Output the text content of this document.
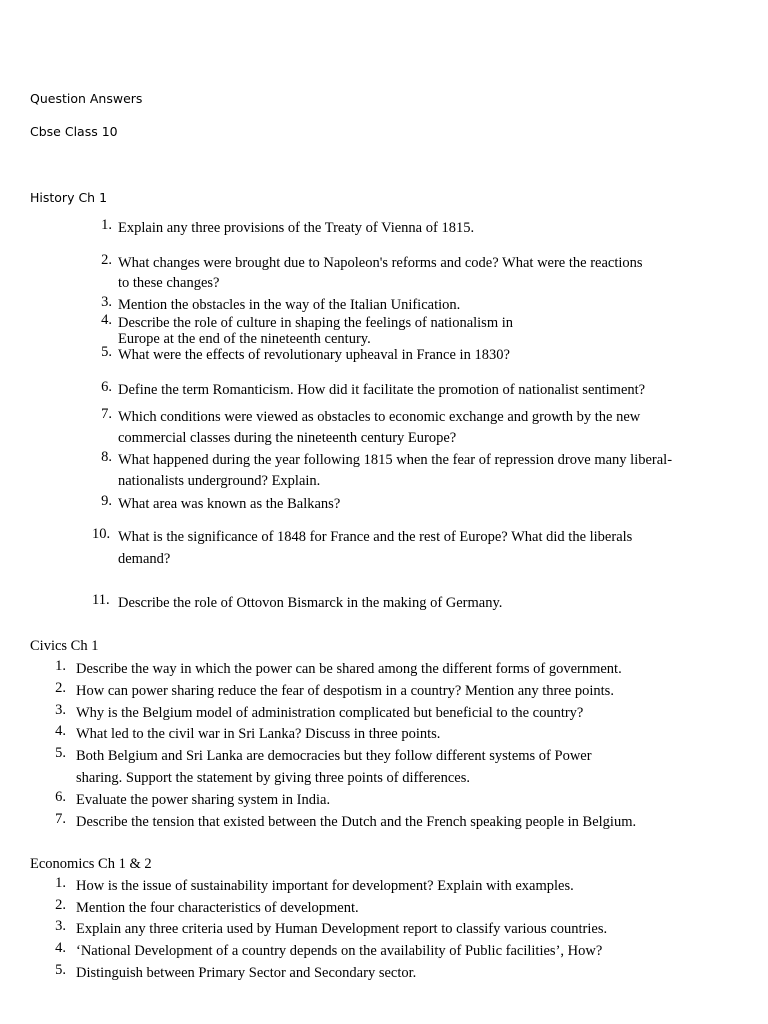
Question Answers
Cbse Class 10
History Ch 1
1. Explain any three provisions of the Treaty of Vienna of 1815.
2. What changes were brought due to Napoleon's reforms and code? What were the reactions
to these changes?
3. Mention the obstacles in the way of the Italian Unification.
4. Describe the role of culture in shaping the feelings of nationalism in
Europe at the end of the nineteenth century.
5. What were the effects of revolutionary upheaval in France in 1830?
6. Define the term Romanticism. How did it facilitate the promotion of nationalist sentiment?
7. Which conditions were viewed as obstacles to economic exchange and growth by the new
commercial classes during the nineteenth century Europe?
8. What happened during the year following 1815 when the fear of repression drove many liberal-
nationalists underground? Explain.
9. What area was known as the Balkans?
10. What is the significance of 1848 for France and the rest of Europe? What did the liberals
demand?
11. Describe the role of Ottovon Bismarck in the making of Germany.
Civics Ch 1
1. Describe the way in which the power can be shared among the different forms of government.
2. How can power sharing reduce the fear of despotism in a country? Mention any three points.
3. Why is the Belgium model of administration complicated but beneficial to the country?
4. What led to the civil war in Sri Lanka? Discuss in three points.
5. Both Belgium and Sri Lanka are democracies but they follow different systems of Power
sharing. Support the statement by giving three points of differences.
6. Evaluate the power sharing system in India.
7. Describe the tension that existed between the Dutch and the French speaking people in Belgium.
Economics Ch 1 & 2
1. How is the issue of sustainability important for development? Explain with examples.
2. Mention the four characteristics of development.
3. Explain any three criteria used by Human Development report to classify various countries.
4. ‘National Development of a country depends on the availability of Public facilities’, How?
5. Distinguish between Primary Sector and Secondary sector.
